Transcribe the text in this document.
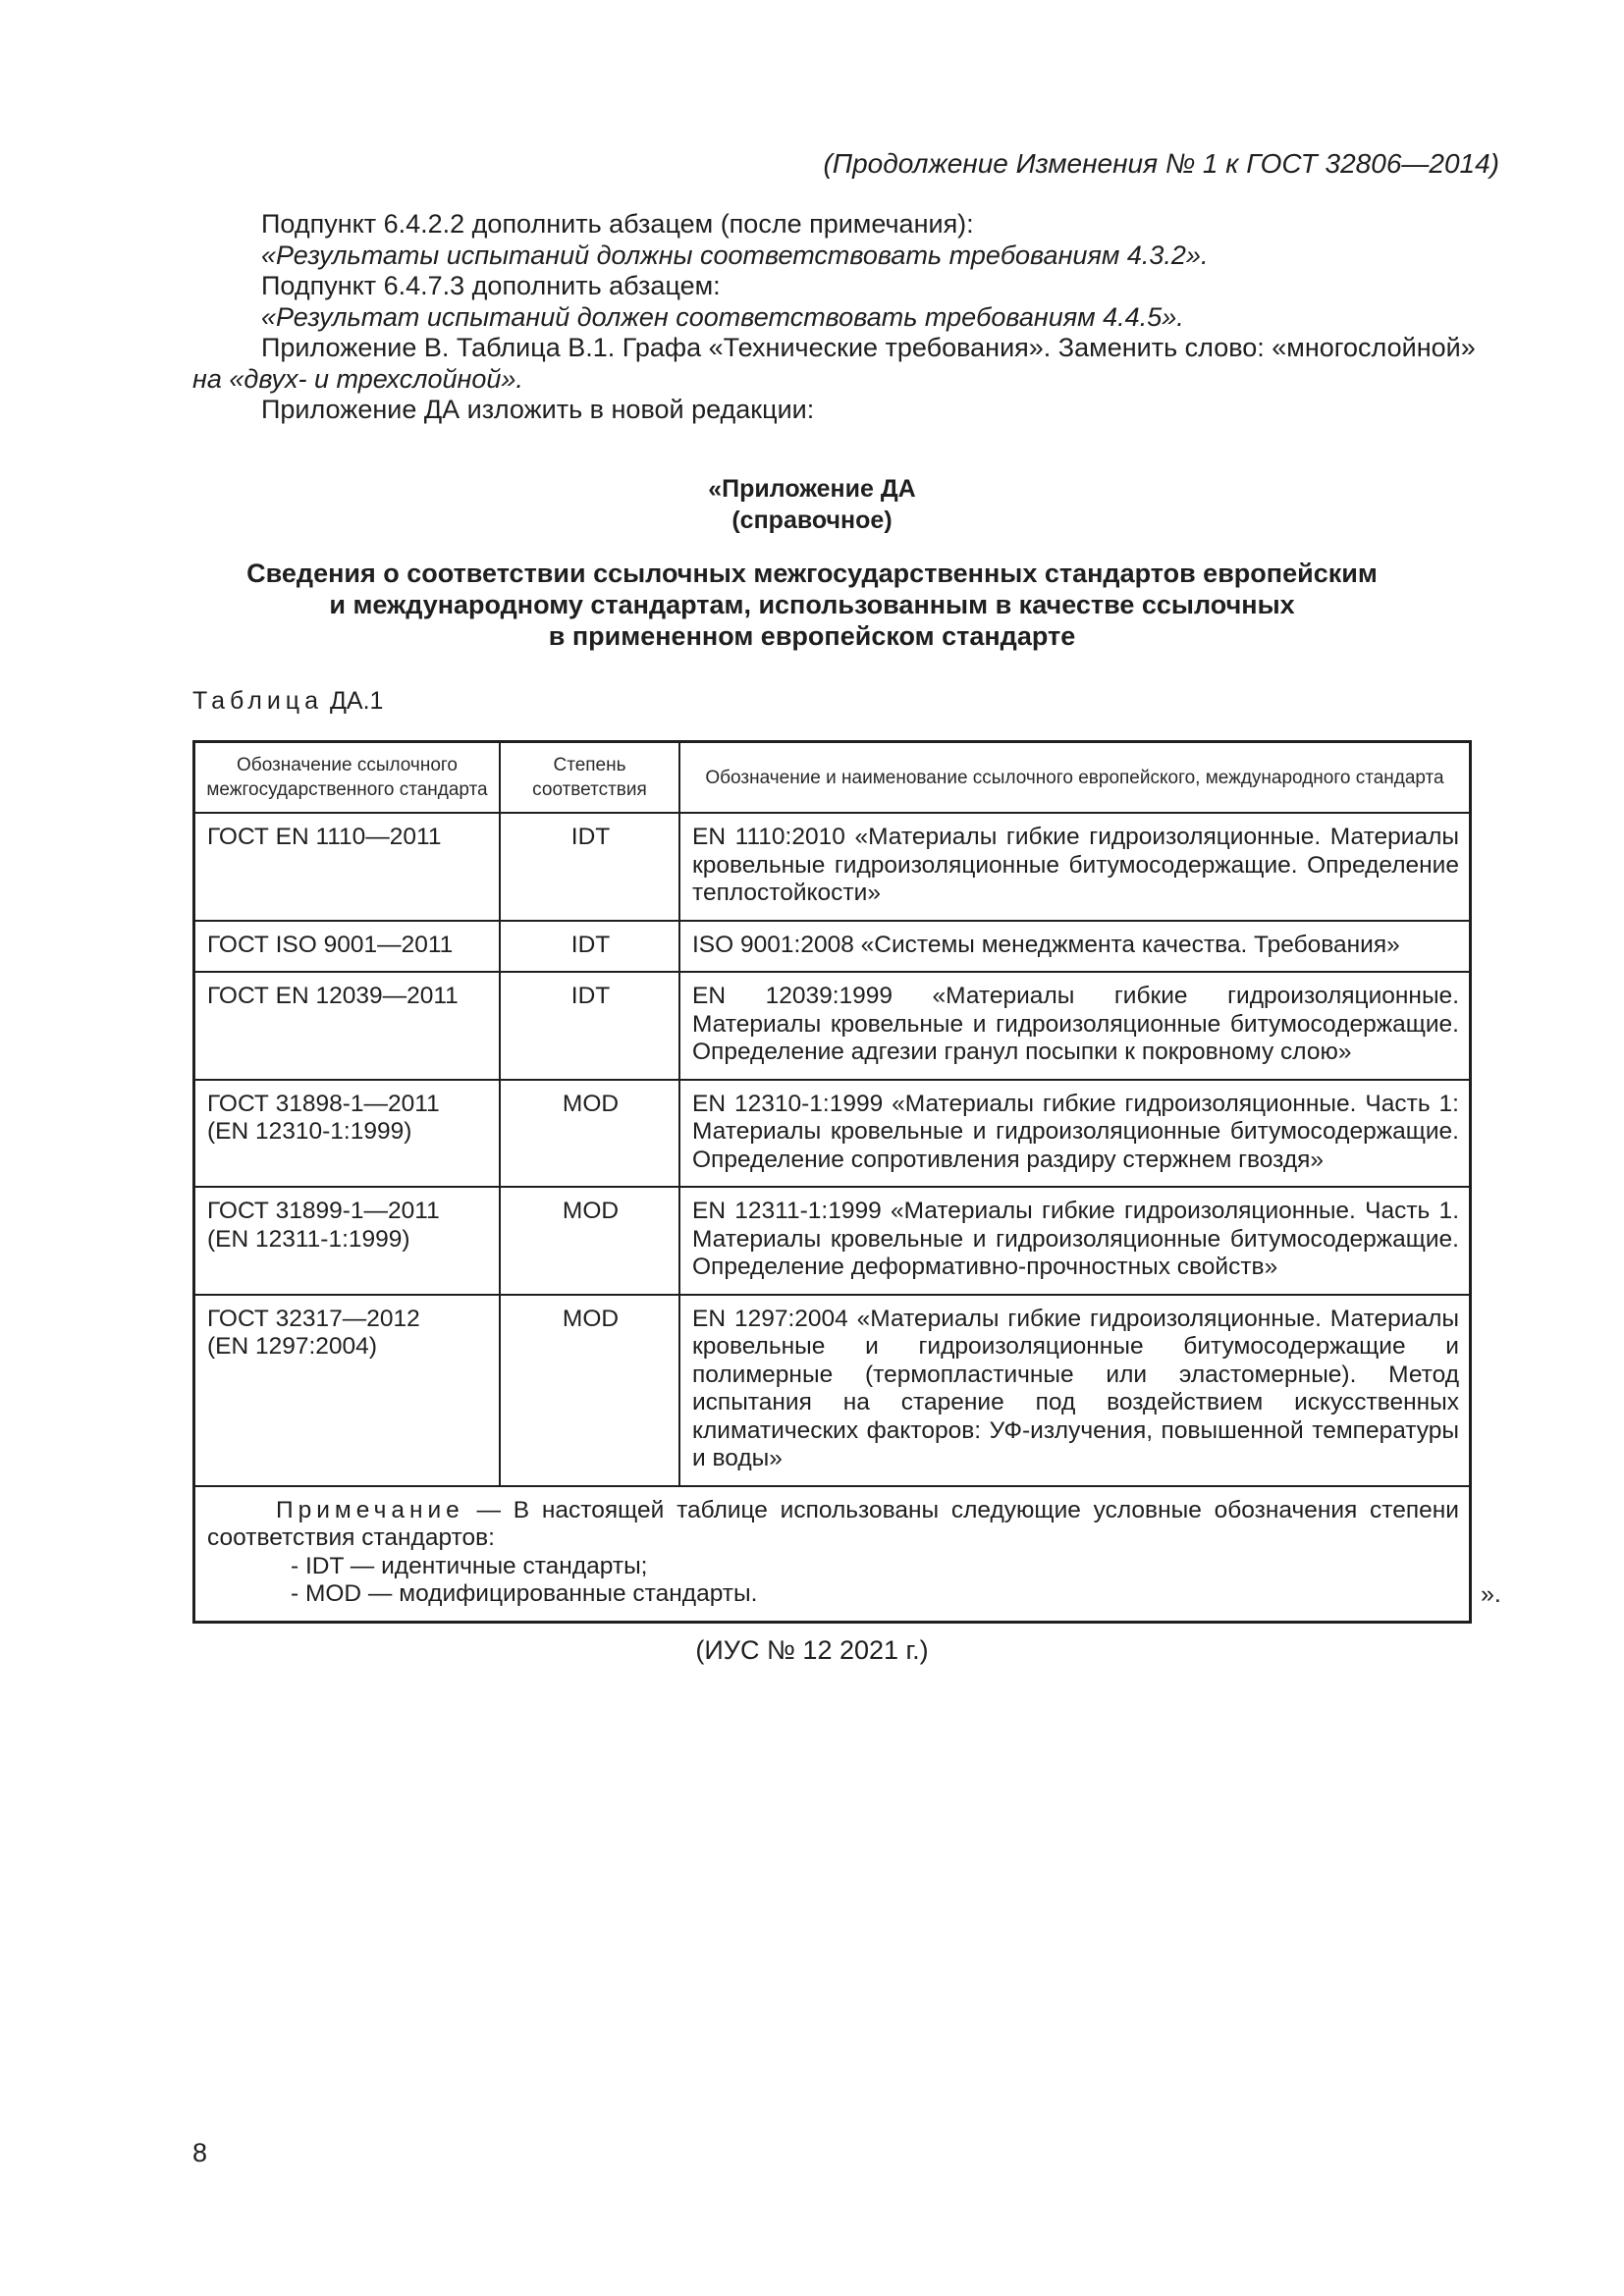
(Продолжение Изменения № 1 к ГОСТ 32806—2014)

Подпункт 6.4.2.2 дополнить абзацем (после примечания):

«Результаты испытаний должны соответствовать требованиям 4.3.2».

Подпункт 6.4.7.3 дополнить абзацем:

«Результат испытаний должен соответствовать требованиям 4.4.5».

Приложение В. Таблица В.1. Графа «Технические требования». Заменить слово: «многослойной» на «двух- и трехслойной».

Приложение ДА изложить в новой редакции:

«Приложение ДА
(справочное)
Сведения о соответствии ссылочных межгосударственных стандартов европейским
и международному стандартам, использованным в качестве ссылочных
в примененном европейском стандарте
Таблица ДА.1
Обозначение ссылочного межгосударственного стандарта	Степень соответствия	Обозначение и наименование ссылочного европейского, международного стандарта

ГОСТ EN 1110—2011	IDT	EN 1110:2010 «Материалы гибкие гидроизоляционные. Материалы кровельные гидроизоляционные битумосодержащие. Определение теплостойкости»

ГОСТ ISO 9001—2011	IDT	ISO 9001:2008 «Системы менеджмента качества. Требования»

ГОСТ EN 12039—2011	IDT	EN 12039:1999 «Материалы гибкие гидроизоляционные. Материалы кровельные и гидроизоляционные битумосодержащие. Определение адгезии гранул посыпки к покровному слою»

ГОСТ 31898-1—2011
(EN 12310-1:1999)	MOD	EN 12310-1:1999 «Материалы гибкие гидроизоляционные. Часть 1: Материалы кровельные и гидроизоляционные битумосодержащие. Определение сопротивления раздиру стержнем гвоздя»

ГОСТ 31899-1—2011
(EN 12311-1:1999)	MOD	EN 12311-1:1999 «Материалы гибкие гидроизоляционные. Часть 1. Материалы кровельные и гидроизоляционные битумосодержащие. Определение деформативно-прочностных свойств»

ГОСТ 32317—2012
(EN 1297:2004)	MOD	EN 1297:2004 «Материалы гибкие гидроизоляционные. Материалы кровельные и гидроизоляционные битумосодержащие и полимерные (термопластичные или эластомерные). Метод испытания на старение под воздействием искусственных климатических факторов: УФ-излучения, повышенной температуры и воды»

Примечание — В настоящей таблице использованы следующие условные обозначения степени соответствия стандартов:
- IDT — идентичные стандарты;
- MOD — модифицированные стандарты.			».
(ИУС № 12 2021 г.)
8
